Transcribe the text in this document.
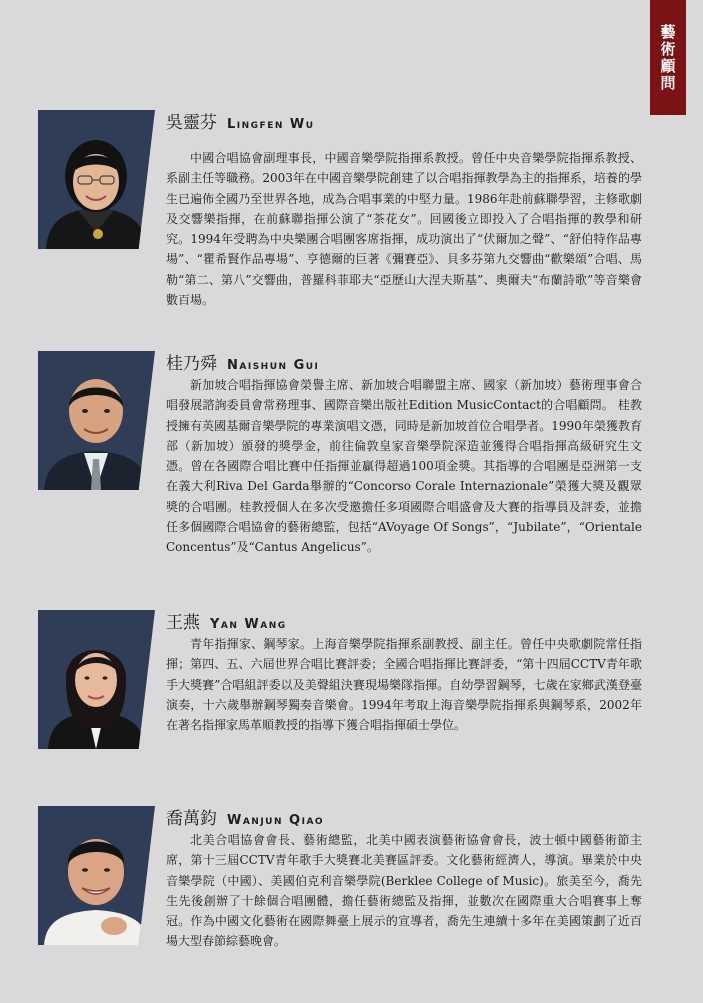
藝術顧問
吳靈芬 Lingfen Wu

中國合唱協會副理事長，中國音樂學院指揮系教授。曾任中央音樂學院指揮系教授、系副主任等職務。2003年在中國音樂學院創建了以合唱指揮教學為主的指揮系，培養的學生已遍佈全國乃至世界各地，成為合唱事業的中堅力量。1986年赴前蘇聯學習，主修歌劇及交響樂指揮，在前蘇聯指揮公演了“茶花女”。回國後立即投入了合唱指揮的教學和研究。1994年受聘為中央樂團合唱團客席指揮，成功演出了“伏爾加之聲”、“舒伯特作品專場”、“瞿希賢作品專場”、亨德爾的巨著《彌賽亞》、貝多芬第九交響曲“歡樂頌”合唱、馬勒“第二、第八”交響曲，普羅科菲耶夫“亞歷山大涅夫斯基”、奧爾夫“布蘭詩歌”等音樂會數百場。

桂乃舜 Naishun Gui

新加坡合唱指揮協會榮譽主席、新加坡合唱聯盟主席、國家（新加坡）藝術理事會合唱發展諮詢委員會常務理事、國際音樂出版社Edition MusicContact的合唱顧問。 桂教授擁有英國基爾音樂學院的專業演唱文憑，同時是新加坡首位合唱學者。1990年榮獲教育部（新加坡）頒發的獎學金，前往倫敦皇家音樂學院深造並獲得合唱指揮高級研究生文憑。曾在各國際合唱比賽中任指揮並贏得超過100項金獎。其指導的合唱團是亞洲第一支在義大利Riva Del Garda舉辦的“Concorso Corale Internazionale”榮獲大獎及觀眾獎的合唱團。桂教授個人在多次受邀擔任多項國際合唱盛會及大賽的指導員及評委，並擔任多個國際合唱協會的藝術總監，包括“AVoyage Of Songs”，“Jubilate”，“Orientale Concentus”及“Cantus Angelicus”。

王燕 Yan Wang

青年指揮家、鋼琴家。上海音樂學院指揮系副教授、副主任。曾任中央歌劇院常任指揮；第四、五、六屆世界合唱比賽評委；全國合唱指揮比賽評委，“第十四屆CCTV青年歌手大獎賽”合唱組評委以及美聲組決賽現場樂隊指揮。自幼學習鋼琴，七歲在家鄉武漢登臺演奏，十六歲舉辦鋼琴獨奏音樂會。1994年考取上海音樂學院指揮系與鋼琴系，2002年在著名指揮家馬革順教授的指導下獲合唱指揮碩士學位。

喬萬鈞 Wanjun Qiao

北美合唱協會會長、藝術總監，北美中國表演藝術協會會長，波士頓中國藝術節主席，第十三屆CCTV青年歌手大獎賽北美賽區評委。文化藝術經濟人，導演。畢業於中央音樂學院（中國）、美國伯克利音樂學院(Berklee College of Music)。旅美至今，喬先生先後創辦了十餘個合唱團體，擔任藝術總監及指揮，並數次在國際重大合唱賽事上奪冠。作為中國文化藝術在國際舞臺上展示的宣導者，喬先生連續十多年在美國策劃了近百場大型春節綜藝晚會。
